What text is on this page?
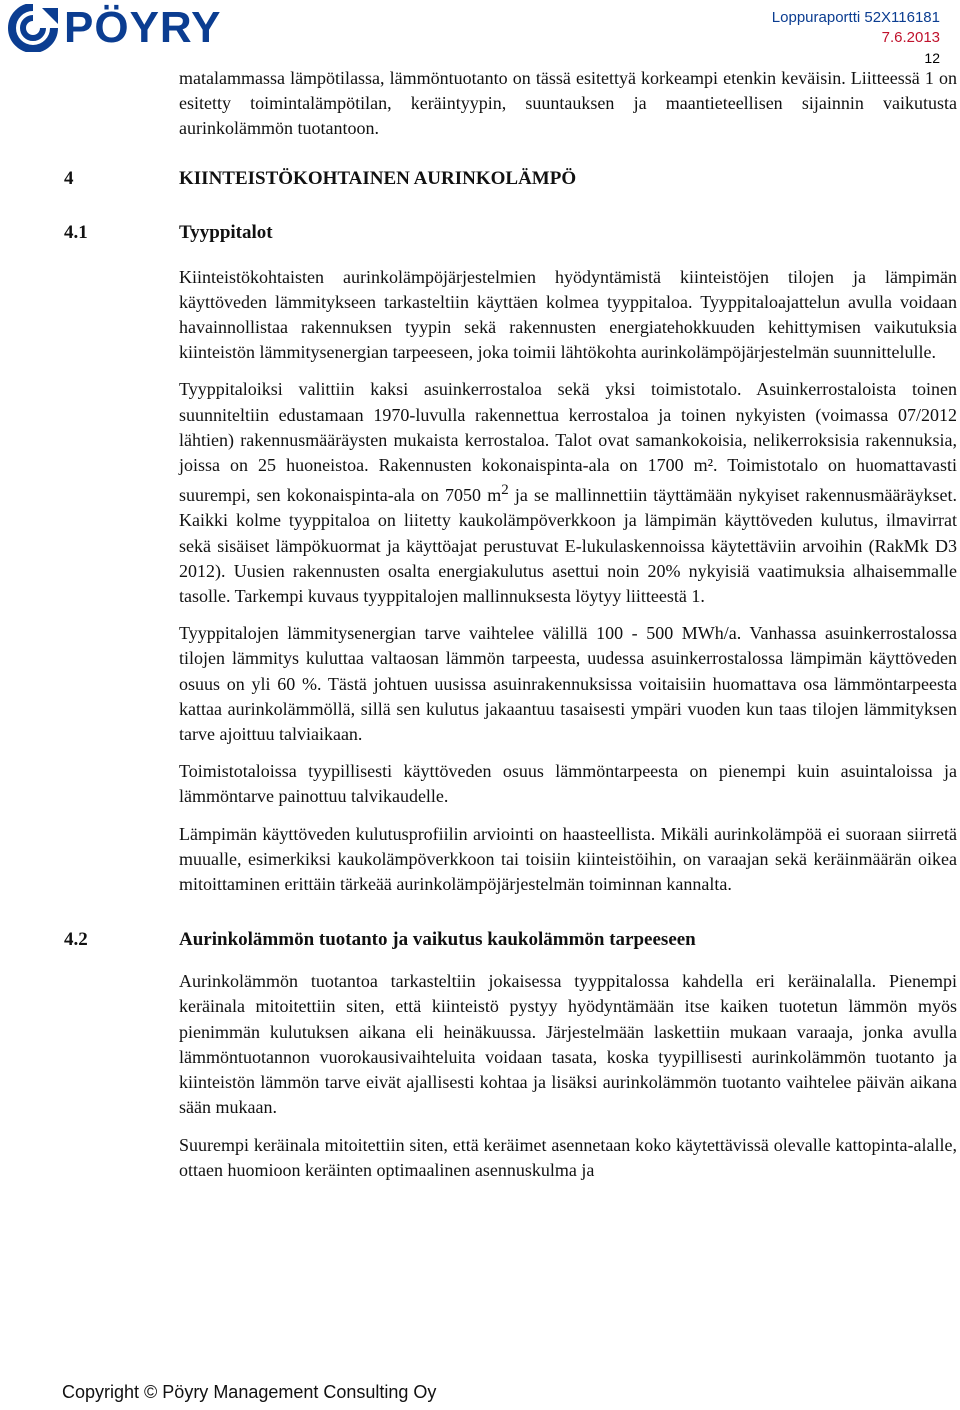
PÖYRY	Loppuraportti 52X116181
7.6.2013
12

matalammassa lämpötilassa, lämmöntuotanto on tässä esitettyä korkeampi etenkin keväisin. Liitteessä 1 on esitetty toimintalämpötilan, keräintyypin, suuntauksen ja maantieteellisen sijainnin vaikutusta aurinkolämmön tuotantoon.

4	KIINTEISTÖKOHTAINEN AURINKOLÄMPÖ
4.1	Tyyppitalot

Kiinteistökohtaisten aurinkolämpöjärjestelmien hyödyntämistä kiinteistöjen tilojen ja lämpimän käyttöveden lämmitykseen tarkasteltiin käyttäen kolmea tyyppitaloa. Tyyppitaloajattelun avulla voidaan havainnollistaa rakennuksen tyypin sekä rakennusten energiatehokkuuden kehittymisen vaikutuksia kiinteistön lämmitysenergian tarpeeseen, joka toimii lähtökohta aurinkolämpöjärjestelmän suunnittelulle.

Tyyppitaloiksi valittiin kaksi asuinkerrostaloa sekä yksi toimistotalo. Asuinkerrostaloista toinen suunniteltiin edustamaan 1970-luvulla rakennettua kerrostaloa ja toinen nykyisten (voimassa 07/2012 lähtien) rakennusmääräysten mukaista kerrostaloa. Talot ovat samankokoisia, nelikerroksisia rakennuksia, joissa on 25 huoneistoa. Rakennusten kokonaispinta-ala on 1700 m². Toimistotalo on huomattavasti suurempi, sen kokonaispinta-ala on 7050 $m^2$ ja se mallinnettiin täyttämään nykyiset rakennusmääräykset. Kaikki kolme tyyppitaloa on liitetty kaukolämpöverkkoon ja lämpimän käyttöveden kulutus, ilmavirrat sekä sisäiset lämpökuormat ja käyttöajat perustuvat E-lukulaskennoissa käytettäviin arvoihin (RakMk D3 2012). Uusien rakennusten osalta energiakulutus asettui noin 20% nykyisiä vaatimuksia alhaisemmalle tasolle. Tarkempi kuvaus tyyppitalojen mallinnuksesta löytyy liitteestä 1.

Tyyppitalojen lämmitysenergian tarve vaihtelee välillä 100 - 500 MWh/a. Vanhassa asuinkerrostalossa tilojen lämmitys kuluttaa valtaosan lämmön tarpeesta, uudessa asuinkerrostalossa lämpimän käyttöveden osuus on yli 60 %. Tästä johtuen uusissa asuinrakennuksissa voitaisiin huomattava osa lämmöntarpeesta kattaa aurinkolämmöllä, sillä sen kulutus jakaantuu tasaisesti ympäri vuoden kun taas tilojen lämmityksen tarve ajoittuu talviaikaan.

Toimistotaloissa tyypillisesti käyttöveden osuus lämmöntarpeesta on pienempi kuin asuintaloissa ja lämmöntarve painottuu talvikaudelle.

Lämpimän käyttöveden kulutusprofiilin arviointi on haasteellista. Mikäli aurinkolämpöä ei suoraan siirretä muualle, esimerkiksi kaukolämpöverkkoon tai toisiin kiinteistöihin, on varaajan sekä keräinmäärän oikea mitoittaminen erittäin tärkeää aurinkolämpöjärjestelmän toiminnan kannalta.

4.2	Aurinkolämmön tuotanto ja vaikutus kaukolämmön tarpeeseen

Aurinkolämmön tuotantoa tarkasteltiin jokaisessa tyyppitalossa kahdella eri keräinalalla. Pienempi keräinala mitoitettiin siten, että kiinteistö pystyy hyödyntämään itse kaiken tuotetun lämmön myös pienimmän kulutuksen aikana eli heinäkuussa. Järjestelmään laskettiin mukaan varaaja, jonka avulla lämmöntuotannon vuorokausivaihteluita voidaan tasata, koska tyypillisesti aurinkolämmön tuotanto ja kiinteistön lämmön tarve eivät ajallisesti kohtaa ja lisäksi aurinkolämmön tuotanto vaihtelee päivän aikana sään mukaan.

Suurempi keräinala mitoitettiin siten, että keräimet asennetaan koko käytettävissä olevalle kattopinta-alalle, ottaen huomioon keräinten optimaalinen asennuskulma ja

Copyright © Pöyry Management Consulting Oy
